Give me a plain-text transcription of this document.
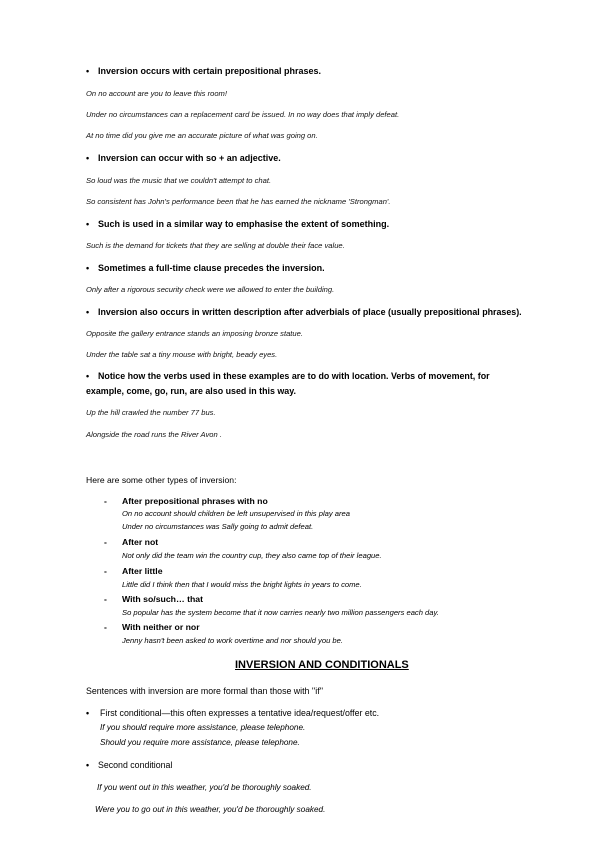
• Inversion occurs with certain prepositional phrases.
On no account are you to leave this room!
Under no circumstances can a replacement card be issued. In no way does that imply defeat.
At no time did you give me an accurate picture of what was going on.
• Inversion can occur with so + an adjective.
So loud was the music that we couldn't attempt to chat.
So consistent has John's performance been that he has earned the nickname 'Strongman'.
• Such is used in a similar way to emphasise the extent of something.
Such is the demand for tickets that they are selling at double their face value.
• Sometimes a full-time clause precedes the inversion.
Only after a rigorous security check were we allowed to enter the building.
• Inversion also occurs in written description after adverbials of place (usually prepositional phrases).
Opposite the gallery entrance stands an imposing bronze statue.
Under the table sat a tiny mouse with bright, beady eyes.
• Notice how the verbs used in these examples are to do with location. Verbs of movement, for
example, come, go, run, are also used in this way.
Up the hill crawled the number 77 bus.
Alongside the road runs the River Avon .
Here are some other types of inversion:
- After prepositional phrases with no
On no account should children be left unsupervised in this play area
Under no circumstances was Sally going to admit defeat.
- After not
Not only did the team win the country cup, they also came top of their league.
- After little
Little did I think then that I would miss the bright lights in years to come.
- With so/such… that
So popular has the system become that it now carries nearly two million passengers each day.
- With neither or nor
Jenny hasn't been asked to work overtime and nor should you be.
INVERSION AND CONDITIONALS
Sentences with inversion are more formal than those with ''if''
• First conditional—this often expresses a tentative idea/request/offer etc.
If you should require more assistance, please telephone.
Should you require more assistance, please telephone.
• Second conditional
If you went out in this weather, you'd be thoroughly soaked.
Were you to go out in this weather, you'd be thoroughly soaked.
